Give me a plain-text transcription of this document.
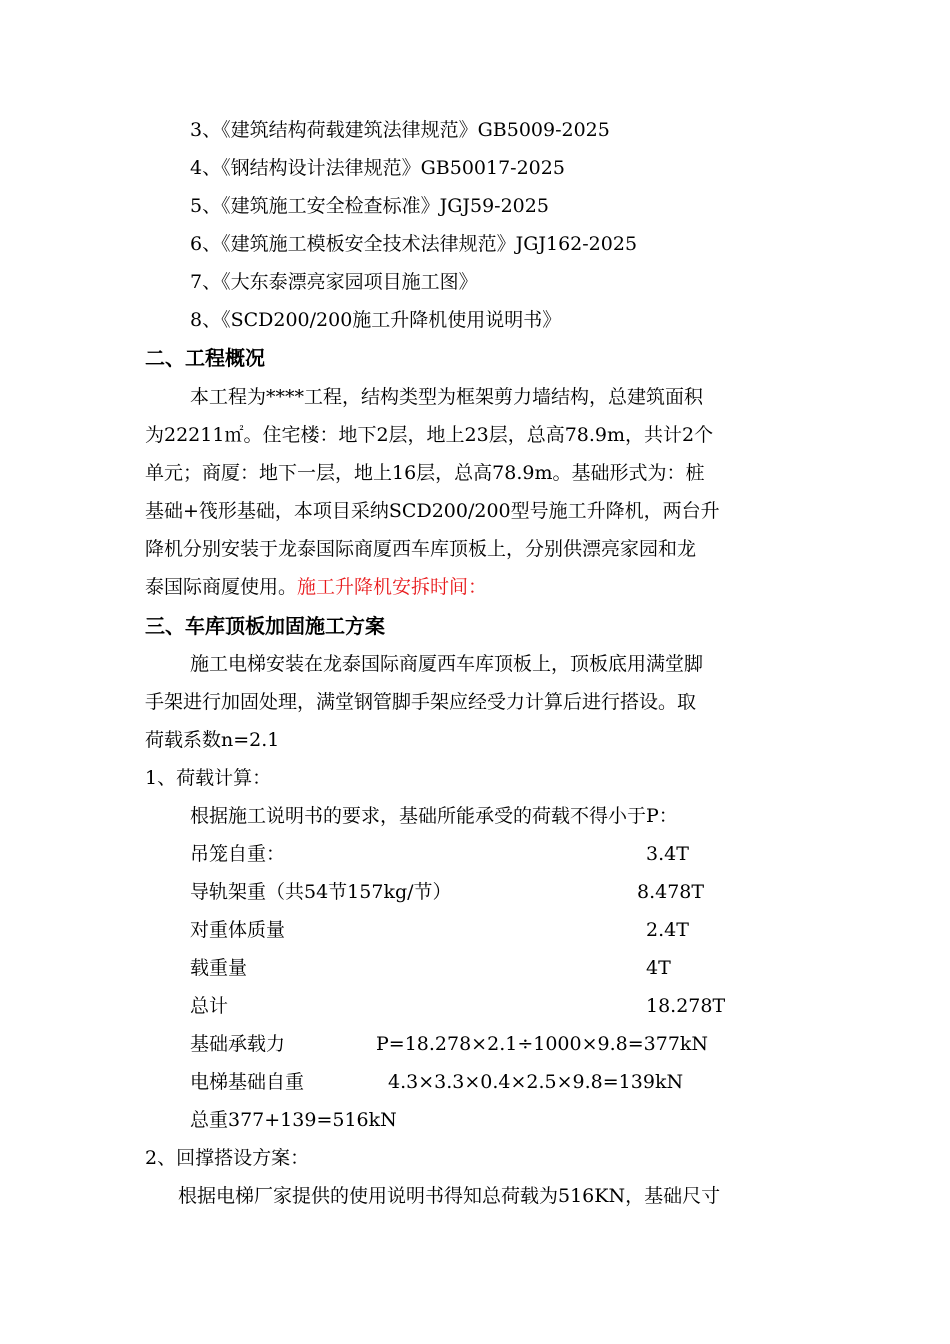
3、《建筑结构荷载建筑法律规范》GB5009-2025
4、《钢结构设计法律规范》GB50017-2025
5、《建筑施工安全检查标准》JGJ59-2025
6、《建筑施工模板安全技术法律规范》JGJ162-2025
7、《大东泰漂亮家园项目施工图》
8、《SCD200/200施工升降机使用说明书》
二、工程概况
本工程为****工程，结构类型为框架剪力墙结构，总建筑面积
为22211㎡。住宅楼：地下2层，地上23层，总高78.9m，共计2个
单元；商厦：地下一层，地上16层，总高78.9m。基础形式为：桩
基础+筏形基础，本项目采纳SCD200/200型号施工升降机，两台升
降机分别安装于龙泰国际商厦西车库顶板上，分别供漂亮家园和龙
泰国际商厦使用。施工升降机安拆时间：
三、车库顶板加固施工方案
施工电梯安装在龙泰国际商厦西车库顶板上，顶板底用满堂脚
手架进行加固处理，满堂钢管脚手架应经受力计算后进行搭设。取
荷载系数n=2.1
1、荷载计算：
根据施工说明书的要求，基础所能承受的荷载不得小于P：
吊笼自重：	3.4T
导轨架重（共54节157kg/节）	8.478T
对重体质量	2.4T
载重量	4T
总计	18.278T
基础承载力	P=18.278×2.1÷1000×9.8=377kN
电梯基础自重	4.3×3.3×0.4×2.5×9.8=139kN
总重377+139=516kN
2、回撑搭设方案：
根据电梯厂家提供的使用说明书得知总荷载为516KN，基础尺寸
